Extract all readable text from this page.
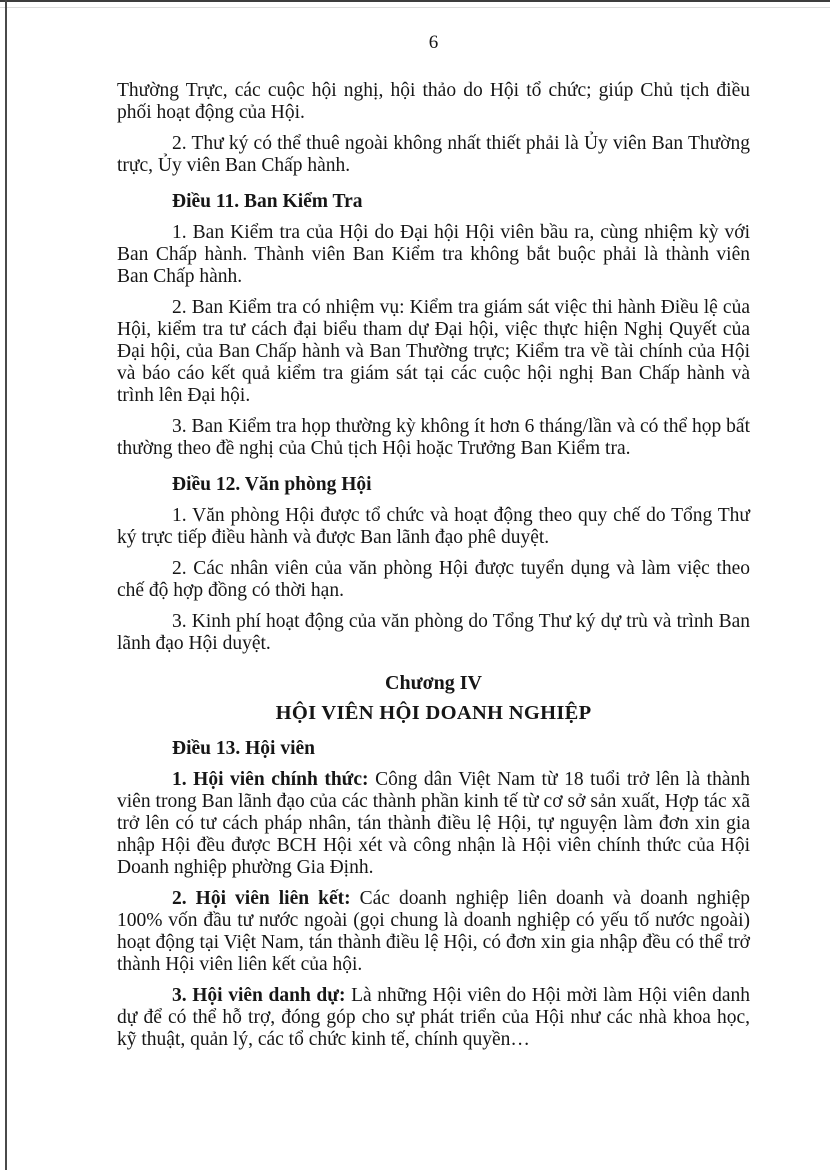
6

Thường Trực, các cuộc hội nghị, hội thảo do Hội tổ chức; giúp Chủ tịch điều phối hoạt động của Hội.

2. Thư ký có thể thuê ngoài không nhất thiết phải là Ủy viên Ban Thường trực, Ủy viên Ban Chấp hành.

Điều 11. Ban Kiểm Tra

1. Ban Kiểm tra của Hội do Đại hội Hội viên bầu ra, cùng nhiệm kỳ với Ban Chấp hành. Thành viên Ban Kiểm tra không bắt buộc phải là thành viên Ban Chấp hành.

2. Ban Kiểm tra có nhiệm vụ: Kiểm tra giám sát việc thi hành Điều lệ của Hội, kiểm tra tư cách đại biểu tham dự Đại hội, việc thực hiện Nghị Quyết của Đại hội, của Ban Chấp hành và Ban Thường trực; Kiểm tra về tài chính của Hội và báo cáo kết quả kiểm tra giám sát tại các cuộc hội nghị Ban Chấp hành và trình lên Đại hội.

3. Ban Kiểm tra họp thường kỳ không ít hơn 6 tháng/lần và có thể họp bất thường theo đề nghị của Chủ tịch Hội hoặc Trưởng Ban Kiểm tra.

Điều 12. Văn phòng Hội

1. Văn phòng Hội được tổ chức và hoạt động theo quy chế do Tổng Thư ký trực tiếp điều hành và được Ban lãnh đạo phê duyệt.

2. Các nhân viên của văn phòng Hội được tuyển dụng và làm việc theo chế độ hợp đồng có thời hạn.

3. Kinh phí hoạt động của văn phòng do Tổng Thư ký dự trù và trình Ban lãnh đạo Hội duyệt.

Chương IV

HỘI VIÊN HỘI DOANH NGHIỆP

Điều 13. Hội viên

1. Hội viên chính thức: Công dân Việt Nam từ 18 tuổi trở lên là thành viên trong Ban lãnh đạo của các thành phần kinh tế từ cơ sở sản xuất, Hợp tác xã trở lên có tư cách pháp nhân, tán thành điều lệ Hội, tự nguyện làm đơn xin gia nhập Hội đều được BCH Hội xét và công nhận là Hội viên chính thức của Hội Doanh nghiệp phường Gia Định.

2. Hội viên liên kết: Các doanh nghiệp liên doanh và doanh nghiệp 100% vốn đầu tư nước ngoài (gọi chung là doanh nghiệp có yếu tố nước ngoài) hoạt động tại Việt Nam, tán thành điều lệ Hội, có đơn xin gia nhập đều có thể trở thành Hội viên liên kết của hội.

3. Hội viên danh dự: Là những Hội viên do Hội mời làm Hội viên danh dự để có thể hỗ trợ, đóng góp cho sự phát triển của Hội như các nhà khoa học, kỹ thuật, quản lý, các tổ chức kinh tế, chính quyền…
